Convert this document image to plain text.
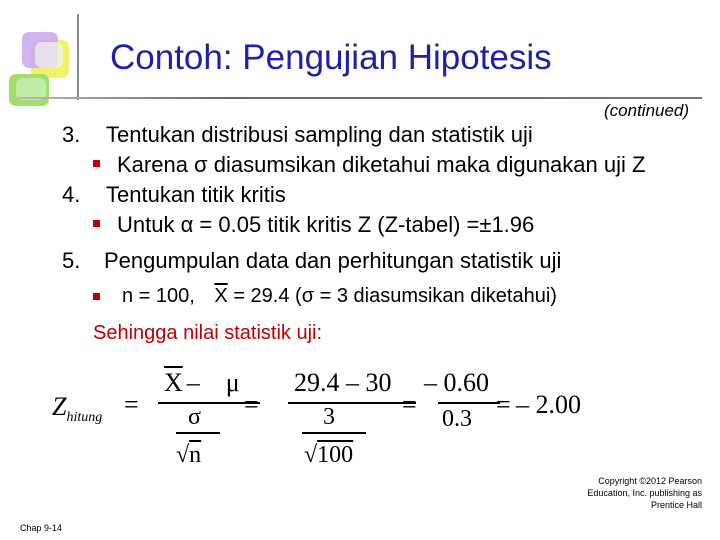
Contoh: Pengujian Hipotesis
(continued)
3. Tentukan distribusi sampling dan statistik uji
Karena σ diasumsikan diketahui maka digunakan uji Z
4. Tentukan titik kritis
Untuk α = 0.05 titik kritis Z (Z-tabel) =±1.96
5. Pengumpulan data dan perhitungan statistik uji
n = 100, $\overline{X} = 29.4$ (σ = 3 diasumsikan diketahui)
Sehingga nilai statistik uji:
$Z_{hitung}$ =
$\overline{X}$ – μ
σ
√n
=
29.4 – 30
3
√100
=
– 0.60
0.3 = – 2.00
Chap 9-14
Copyright ©2012 Pearson
Education, Inc. publishing as
Prentice Hall
